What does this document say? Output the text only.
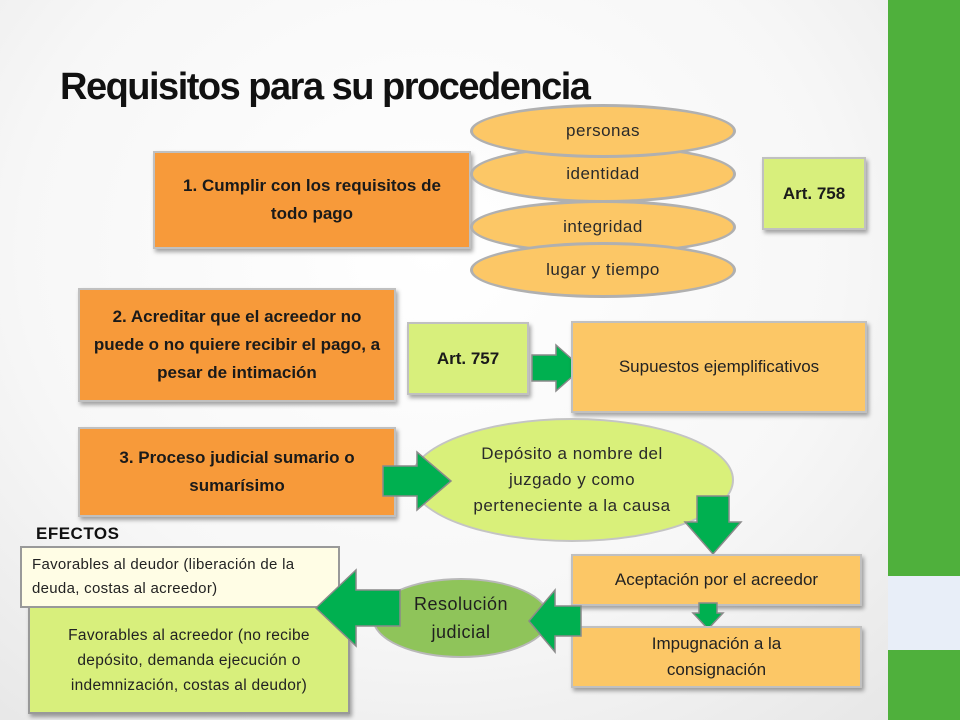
Requisitos para su procedencia
1. Cumplir con los requisitos de todo pago
identidad
integridad
personas
lugar y tiempo
Art. 758
2. Acreditar que el acreedor no puede o no quiere recibir el pago, a pesar de intimación
Art. 757	Supuestos ejemplificativos
3. Proceso judicial sumario o sumarísimo
Depósito a nombre del juzgado y como perteneciente a la causa
EFECTOS
Aceptación por el acreedor
Impugnación a la consignación
Resolución judicial
Favorables al acreedor (no recibe depósito, demanda ejecución o indemnización, costas al deudor)
Favorables al deudor (liberación de la deuda, costas al acreedor)
